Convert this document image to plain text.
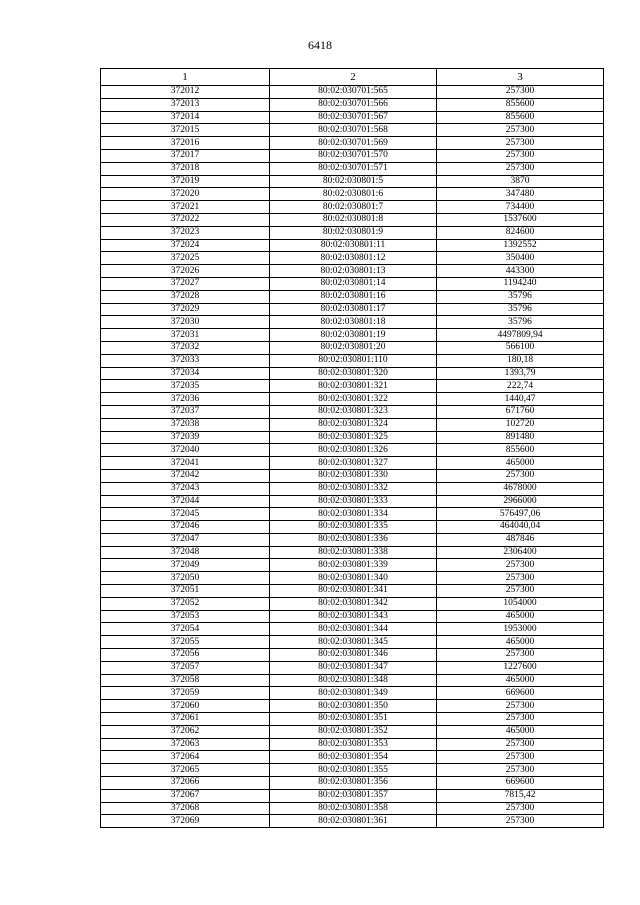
6418
1	2	3
372012	80:02:030701:565	257300
372013	80:02:030701:566	855600
372014	80:02:030701:567	855600
372015	80:02:030701:568	257300
372016	80:02:030701:569	257300
372017	80:02:030701:570	257300
372018	80:02:030701:571	257300
372019	80:02:030801:5	3870
372020	80:02:030801:6	347480
372021	80:02:030801:7	734400
372022	80:02:030801:8	1537600
372023	80:02:030801:9	824600
372024	80:02:030801:11	1392552
372025	80:02:030801:12	350400
372026	80:02:030801:13	443300
372027	80:02:030801:14	1194240
372028	80:02:030801:16	35796
372029	80:02:030801:17	35796
372030	80:02:030801:18	35796
372031	80:02:030801:19	4497809,94
372032	80:02:030801:20	566100
372033	80:02:030801:110	180,18
372034	80:02:030801:320	1393,79
372035	80:02:030801:321	222,74
372036	80:02:030801:322	1440,47
372037	80:02:030801:323	671760
372038	80:02:030801:324	102720
372039	80:02:030801:325	891480
372040	80:02:030801:326	855600
372041	80:02:030801:327	465000
372042	80:02:030801:330	257300
372043	80:02:030801:332	4678000
372044	80:02:030801:333	2966000
372045	80:02:030801:334	576497,06
372046	80:02:030801:335	464040,04
372047	80:02:030801:336	487846
372048	80:02:030801:338	2306400
372049	80:02:030801:339	257300
372050	80:02:030801:340	257300
372051	80:02:030801:341	257300
372052	80:02:030801:342	1054000
372053	80:02:030801:343	465000
372054	80:02:030801:344	1953000
372055	80:02:030801:345	465000
372056	80:02:030801:346	257300
372057	80:02:030801:347	1227600
372058	80:02:030801:348	465000
372059	80:02:030801:349	669600
372060	80:02:030801:350	257300
372061	80:02:030801:351	257300
372062	80:02:030801:352	465000
372063	80:02:030801:353	257300
372064	80:02:030801:354	257300
372065	80:02:030801:355	257300
372066	80:02:030801:356	669600
372067	80:02:030801:357	7815,42
372068	80:02:030801:358	257300
372069	80:02:030801:361	257300
